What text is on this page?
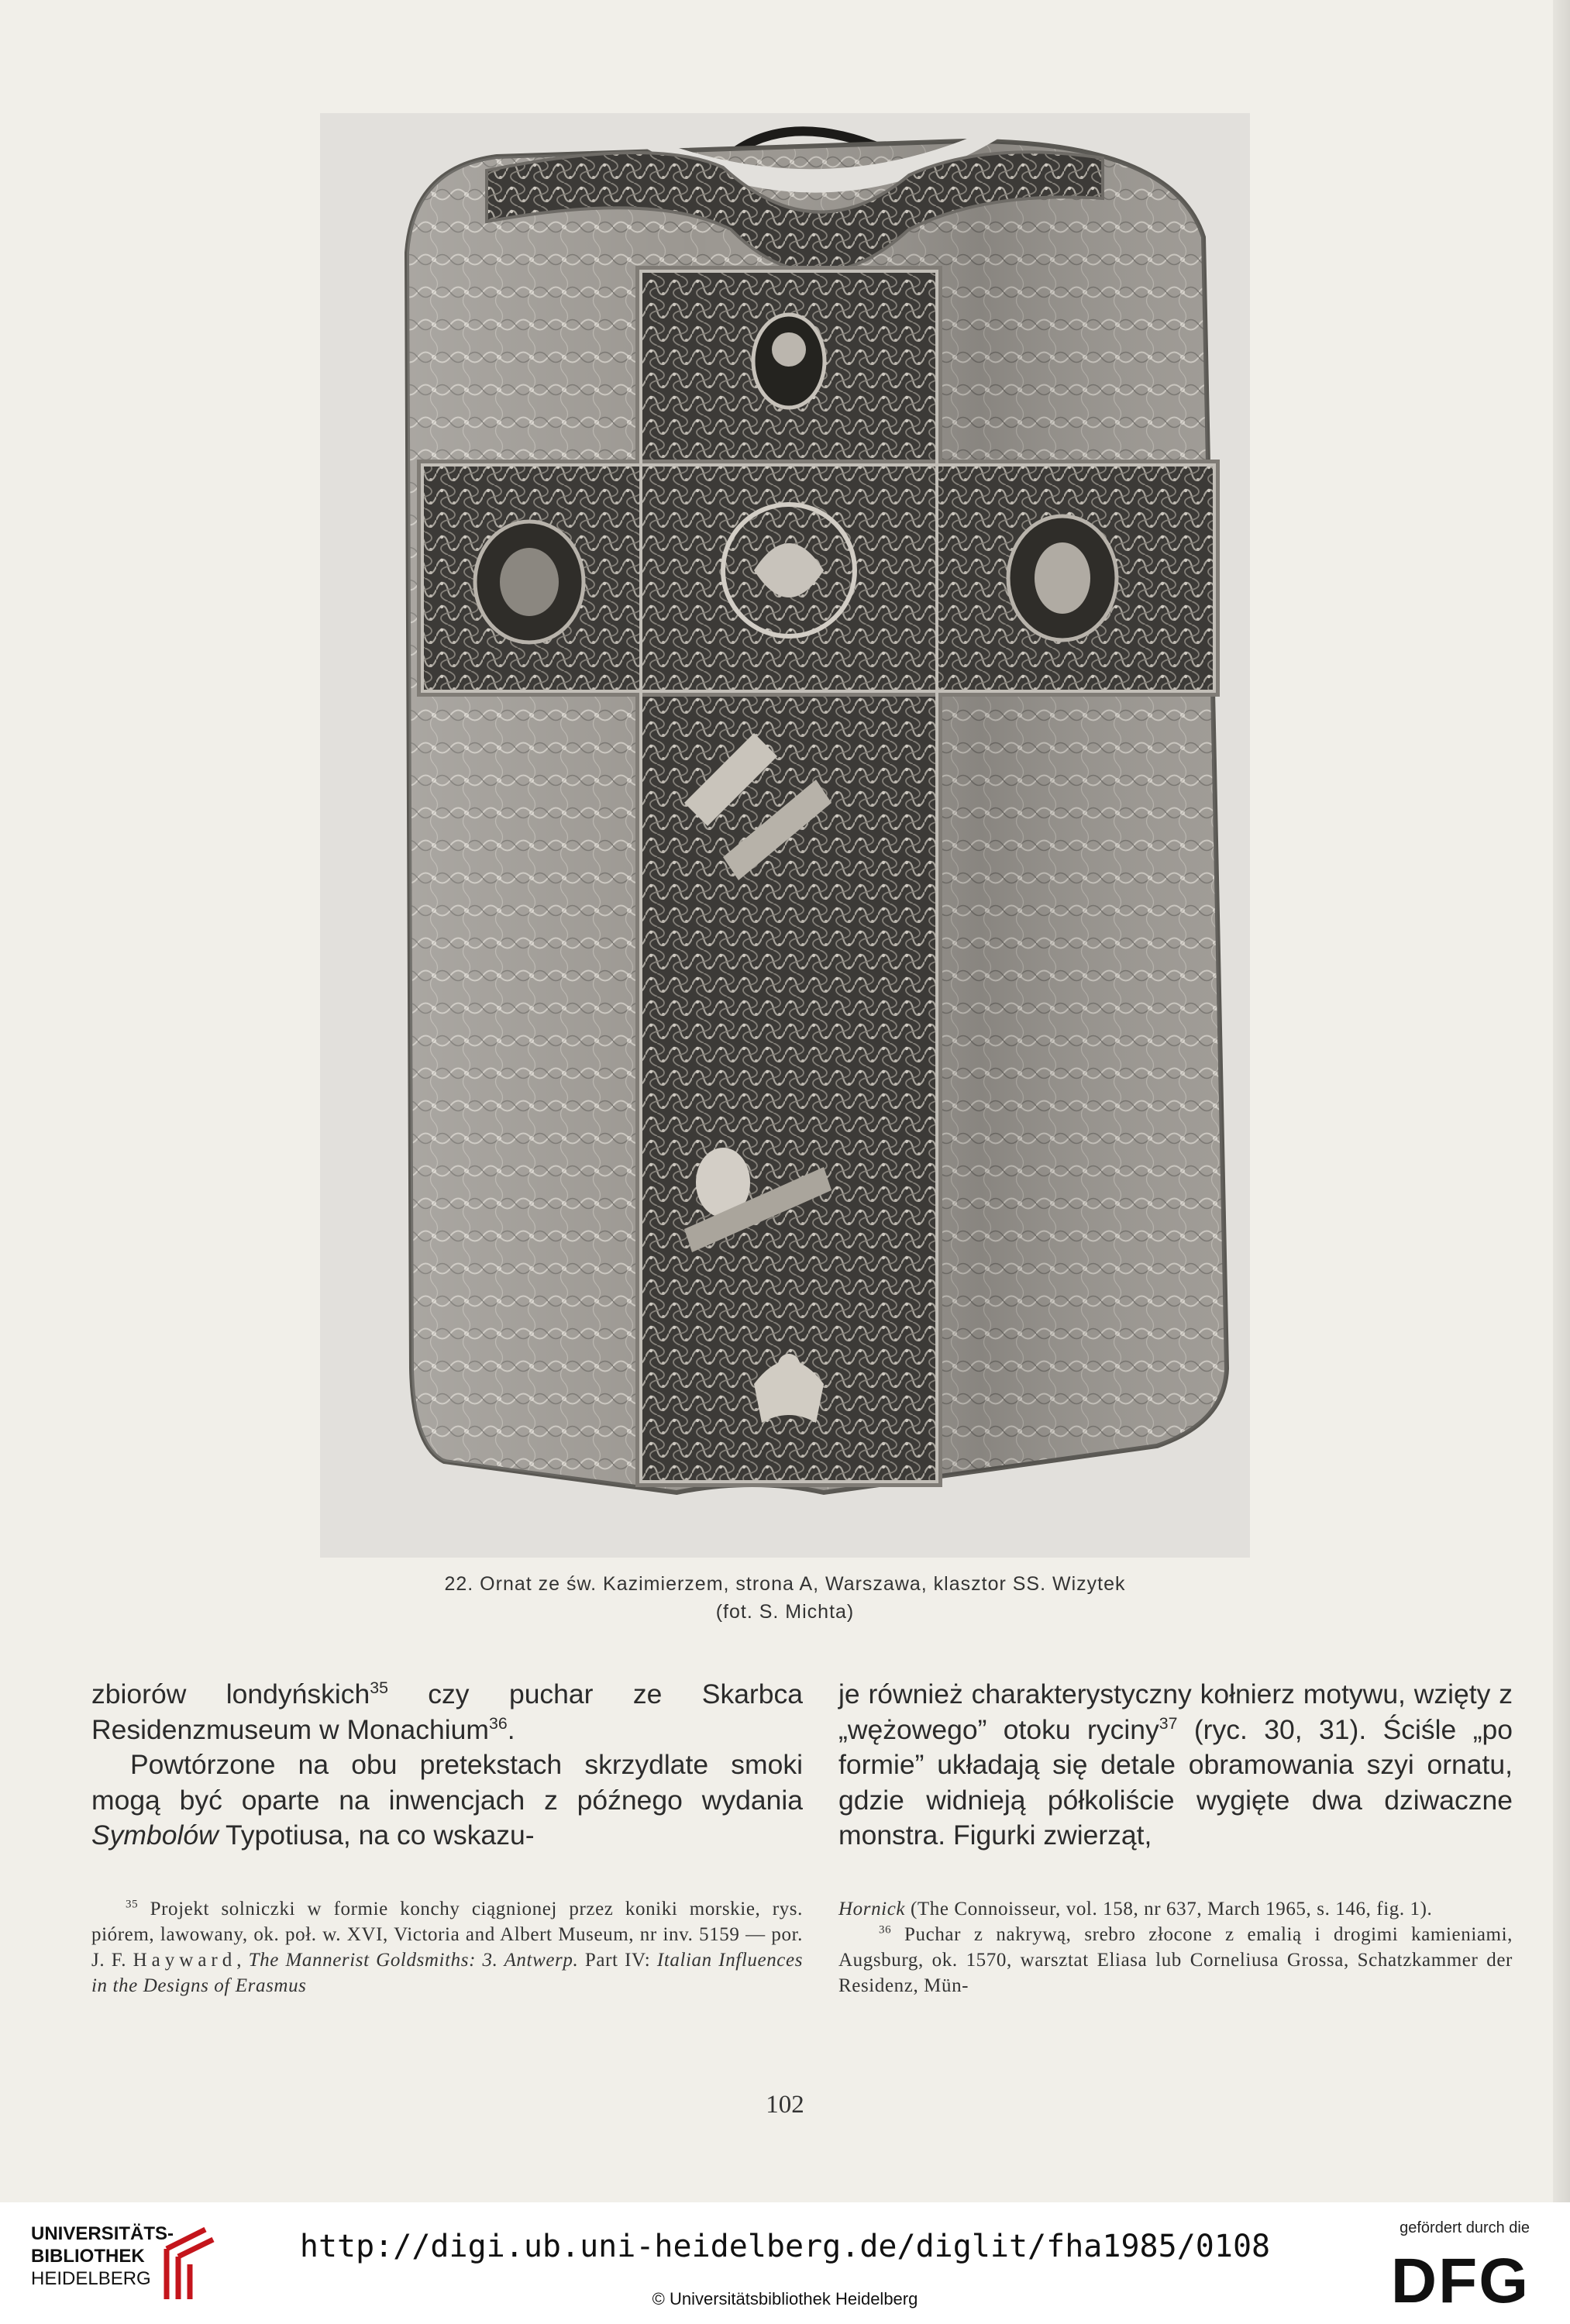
22. Ornat ze św. Kazimierzem, strona A, Warszawa, klasztor SS. Wizytek
(fot. S. Michta)

zbiorów londyńskich$^{35}$ czy puchar ze Skarbca Residenzmuseum w Monachium$^{36}$.

Powtórzone na obu pretekstach skrzydlate smoki mogą być oparte na inwencjach z późnego wydania Symbolów Typotiusa, na co wskazu-

je również charakterystyczny kołnierz motywu, wzięty z „wężowego” otoku ryciny$^{37}$ (ryc. 30, 31). Ściśle „po formie” układają się detale obramowania szyi ornatu, gdzie widnieją półkoliście wygięte dwa dziwaczne monstra. Figurki zwierząt,

$^{35}$ Projekt solniczki w formie konchy ciągnionej przez koniki morskie, rys. piórem, lawowany, ok. poł. w. XVI, Victoria and Albert Museum, nr inv. 5159 — por. J. F. Hayward, The Mannerist Goldsmiths: 3. Antwerp. Part IV: Italian Influences in the Designs of Erasmus

Hornick (The Connoisseur, vol. 158, nr 637, March 1965, s. 146, fig. 1).

$^{36}$ Puchar z nakrywą, srebro złocone z emalią i drogimi kamieniami, Augsburg, ok. 1570, warsztat Eliasa lub Corneliusa Grossa, Schatzkammer der Residenz, Mün-

102
UNIVERSITÄTS-
BIBLIOTHEK
HEIDELBERG
http://digi.ub.uni-heidelberg.de/diglit/fha1985/0108
© Universitätsbibliothek Heidelberg
gefördert durch die
DFG
